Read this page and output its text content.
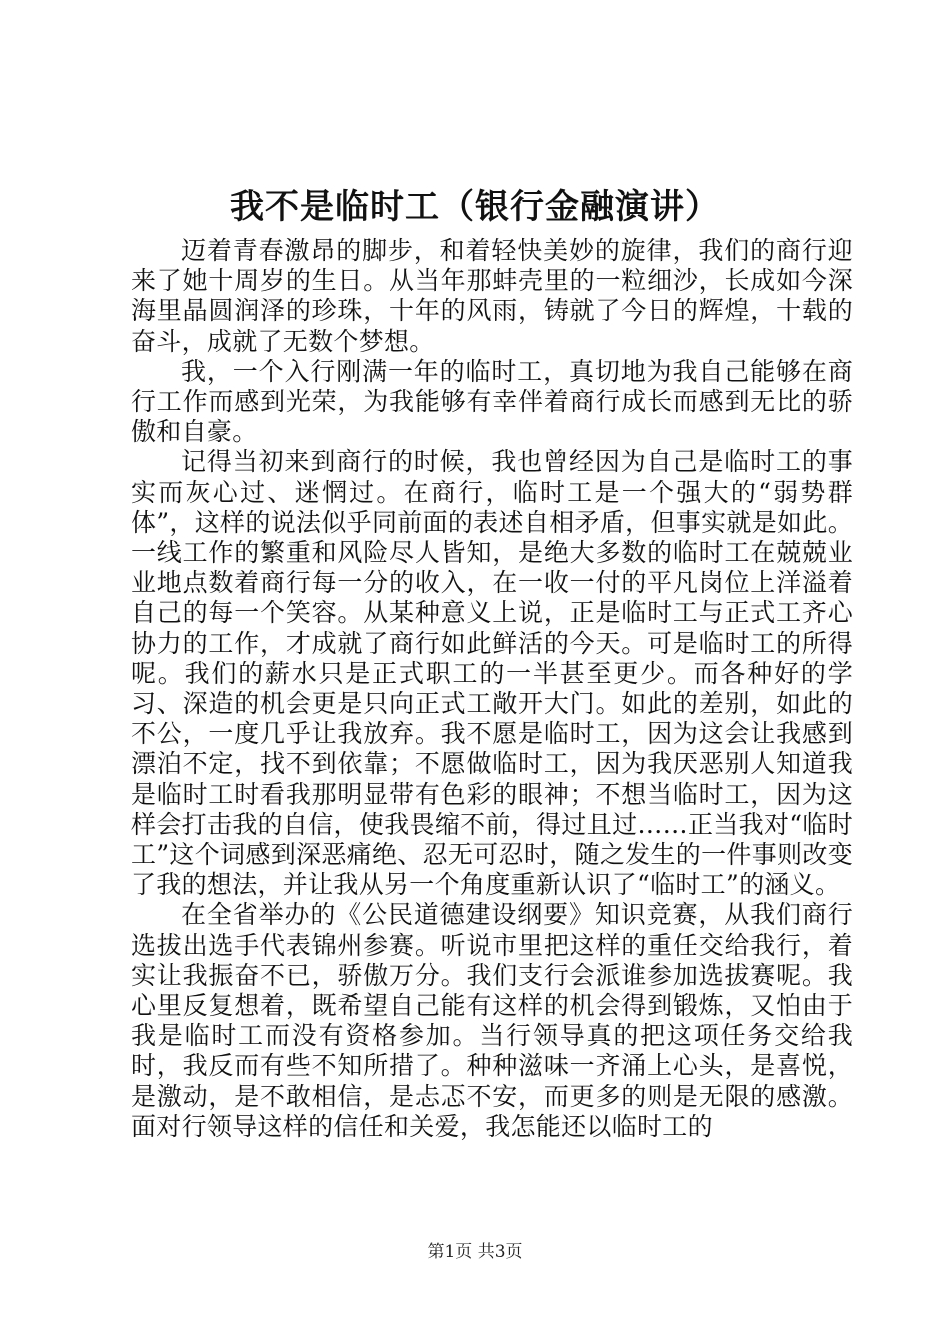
我不是临时工（银行金融演讲）

迈着青春激昂的脚步，和着轻快美妙的旋律，我们的商行迎来了她十周岁的生日。从当年那蚌壳里的一粒细沙，长成如今深海里晶圆润泽的珍珠，十年的风雨，铸就了今日的辉煌，十载的奋斗，成就了无数个梦想。

我，一个入行刚满一年的临时工，真切地为我自己能够在商行工作而感到光荣，为我能够有幸伴着商行成长而感到无比的骄傲和自豪。

记得当初来到商行的时候，我也曾经因为自己是临时工的事实而灰心过、迷惘过。在商行，临时工是一个强大的“弱势群体”，这样的说法似乎同前面的表述自相矛盾，但事实就是如此。一线工作的繁重和风险尽人皆知，是绝大多数的临时工在兢兢业业地点数着商行每一分的收入，在一收一付的平凡岗位上洋溢着自己的每一个笑容。从某种意义上说，正是临时工与正式工齐心协力的工作，才成就了商行如此鲜活的今天。可是临时工的所得呢。我们的薪水只是正式职工的一半甚至更少。而各种好的学习、深造的机会更是只向正式工敞开大门。如此的差别，如此的不公，一度几乎让我放弃。我不愿是临时工，因为这会让我感到漂泊不定，找不到依靠；不愿做临时工，因为我厌恶别人知道我是临时工时看我那明显带有色彩的眼神；不想当临时工，因为这样会打击我的自信，使我畏缩不前，得过且过……正当我对“临时工”这个词感到深恶痛绝、忍无可忍时，随之发生的一件事则改变了我的想法，并让我从另一个角度重新认识了“临时工”的涵义。

在全省举办的《公民道德建设纲要》知识竞赛，从我们商行选拔出选手代表锦州参赛。听说市里把这样的重任交给我行，着实让我振奋不已，骄傲万分。我们支行会派谁参加选拔赛呢。我心里反复想着，既希望自己能有这样的机会得到锻炼，又怕由于我是临时工而没有资格参加。当行领导真的把这项任务交给我时，我反而有些不知所措了。种种滋味一齐涌上心头，是喜悦，是激动，是不敢相信，是忐忑不安，而更多的则是无限的感激。面对行领导这样的信任和关爱，我怎能还以临时工的

第1页 共3页
